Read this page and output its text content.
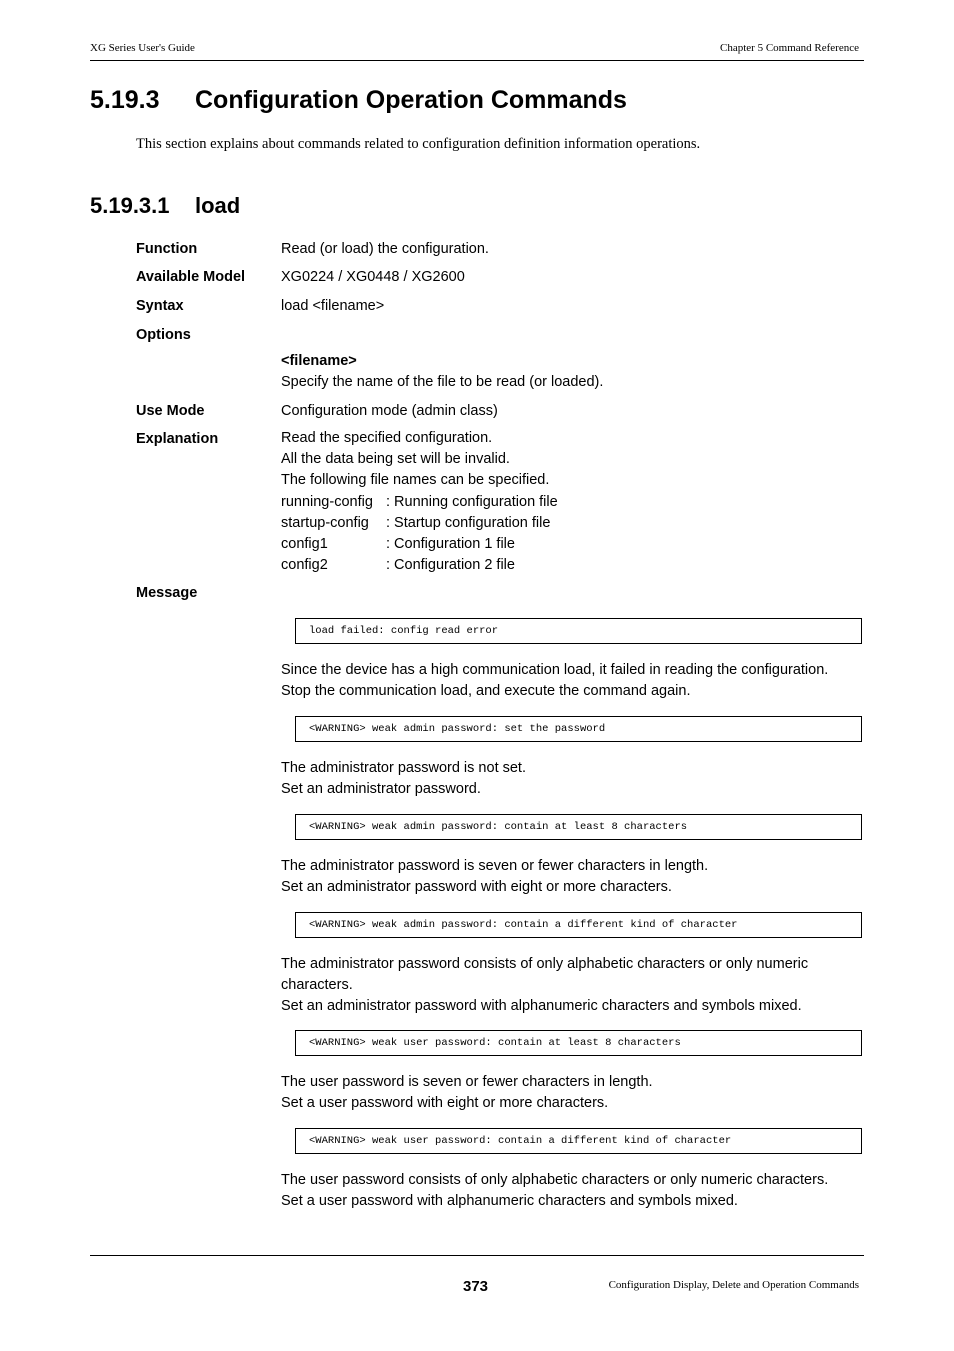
XG Series User's Guide	Chapter 5 Command Reference
5.19.3 Configuration Operation Commands
This section explains about commands related to configuration definition information operations.
5.19.3.1 load
Function	Read (or load) the configuration.
Available Model XG0224 / XG0448 / XG2600
Syntax	load <filename>
Options
<filename>
Specify the name of the file to be read (or loaded).
Use Mode	Configuration mode (admin class)
Explanation	Read the specified configuration.
All the data being set will be invalid.
The following file names can be specified.
running-config : Running configuration file
startup-config : Startup configuration file
config1	: Configuration 1 file
config2	: Configuration 2 file
Message
load failed: config read error
Since the device has a high communication load, it failed in reading the configuration.
Stop the communication load, and execute the command again.
<WARNING> weak admin password: set the password
The administrator password is not set.
Set an administrator password.
<WARNING> weak admin password: contain at least 8 characters
The administrator password is seven or fewer characters in length.
Set an administrator password with eight or more characters.
<WARNING> weak admin password: contain a different kind of character
The administrator password consists of only alphabetic characters or only numeric
characters.
Set an administrator password with alphanumeric characters and symbols mixed.
<WARNING> weak user password: contain at least 8 characters
The user password is seven or fewer characters in length.
Set a user password with eight or more characters.
<WARNING> weak user password: contain a different kind of character
The user password consists of only alphabetic characters or only numeric characters.
Set a user password with alphanumeric characters and symbols mixed.
373	Configuration Display, Delete and Operation Commands
